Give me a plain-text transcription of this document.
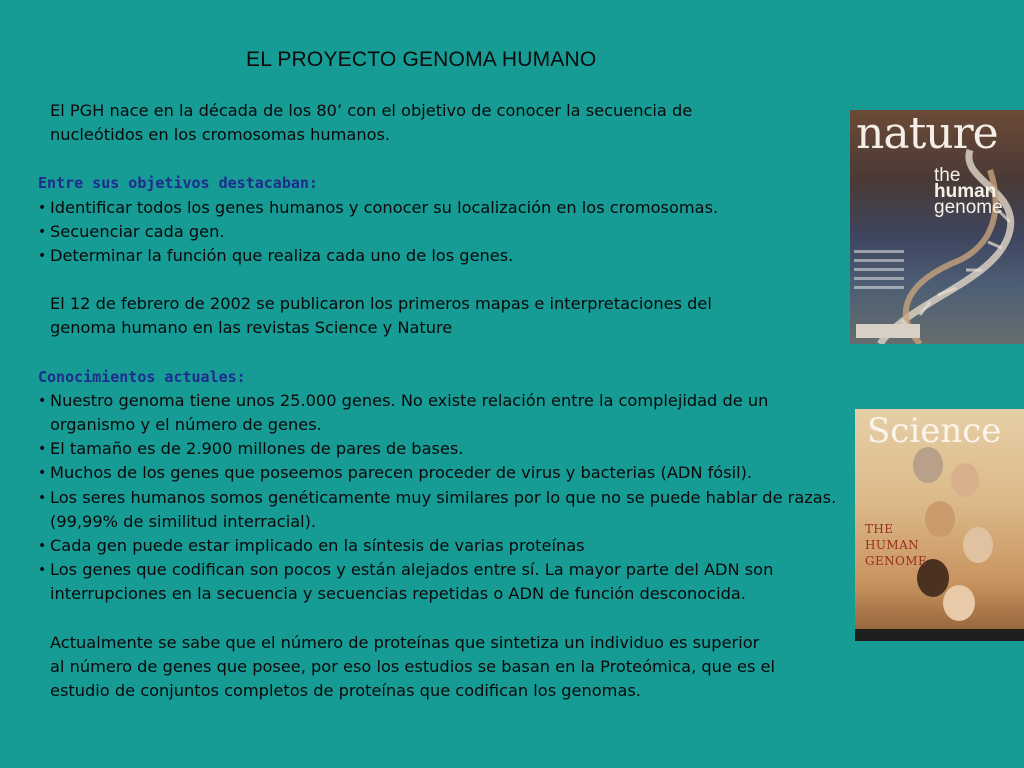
EL PROYECTO GENOMA HUMANO

El PGH nace en la década de los 80’ con el objetivo de conocer la secuencia de

nucleótidos en los cromosomas humanos.

Entre sus objetivos destacaban:

• Identificar todos los genes humanos y conocer su localización en los cromosomas.
• Secuenciar cada gen.
• Determinar la función que realiza cada uno de los genes.

El 12 de febrero de 2002 se publicaron los primeros mapas e interpretaciones del

genoma humano en las revistas Science y Nature

Conocimientos actuales:

• Nuestro genoma tiene unos 25.000 genes. No existe relación entre la complejidad de un organismo y el número de genes.
• El tamaño es de 2.900 millones de pares de bases.
• Muchos de los genes que poseemos parecen proceder de virus y bacterias (ADN fósil).
• Los seres humanos somos genéticamente muy similares por lo que no se puede hablar de razas. (99,99% de similitud interracial).
• Cada gen puede estar implicado en la síntesis de varias proteínas
• Los genes que codifican son pocos y están alejados entre sí. La mayor parte del ADN son interrupciones en la secuencia y secuencias repetidas o ADN de función desconocida.

Actualmente se sabe que el número de proteínas que sintetiza un individuo es superior

al número de genes que posee, por eso los estudios se basan en la Proteómica, que es el

estudio de conjuntos completos de proteínas que codifican los genomas.

nature
the
human
genome
Science
THE
HUMAN
GENOME
